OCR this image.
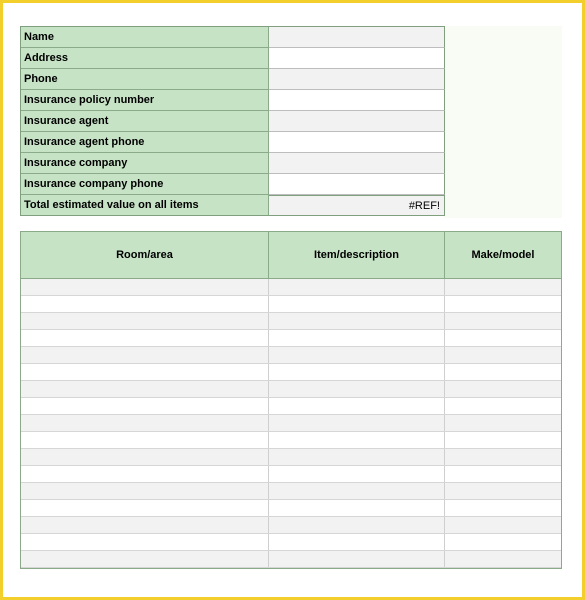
Name
Address
Phone
Insurance policy number
Insurance agent
Insurance agent phone
Insurance company
Insurance company phone
Total estimated value on all items	#REF!
Room/area	Item/description	Make/model
